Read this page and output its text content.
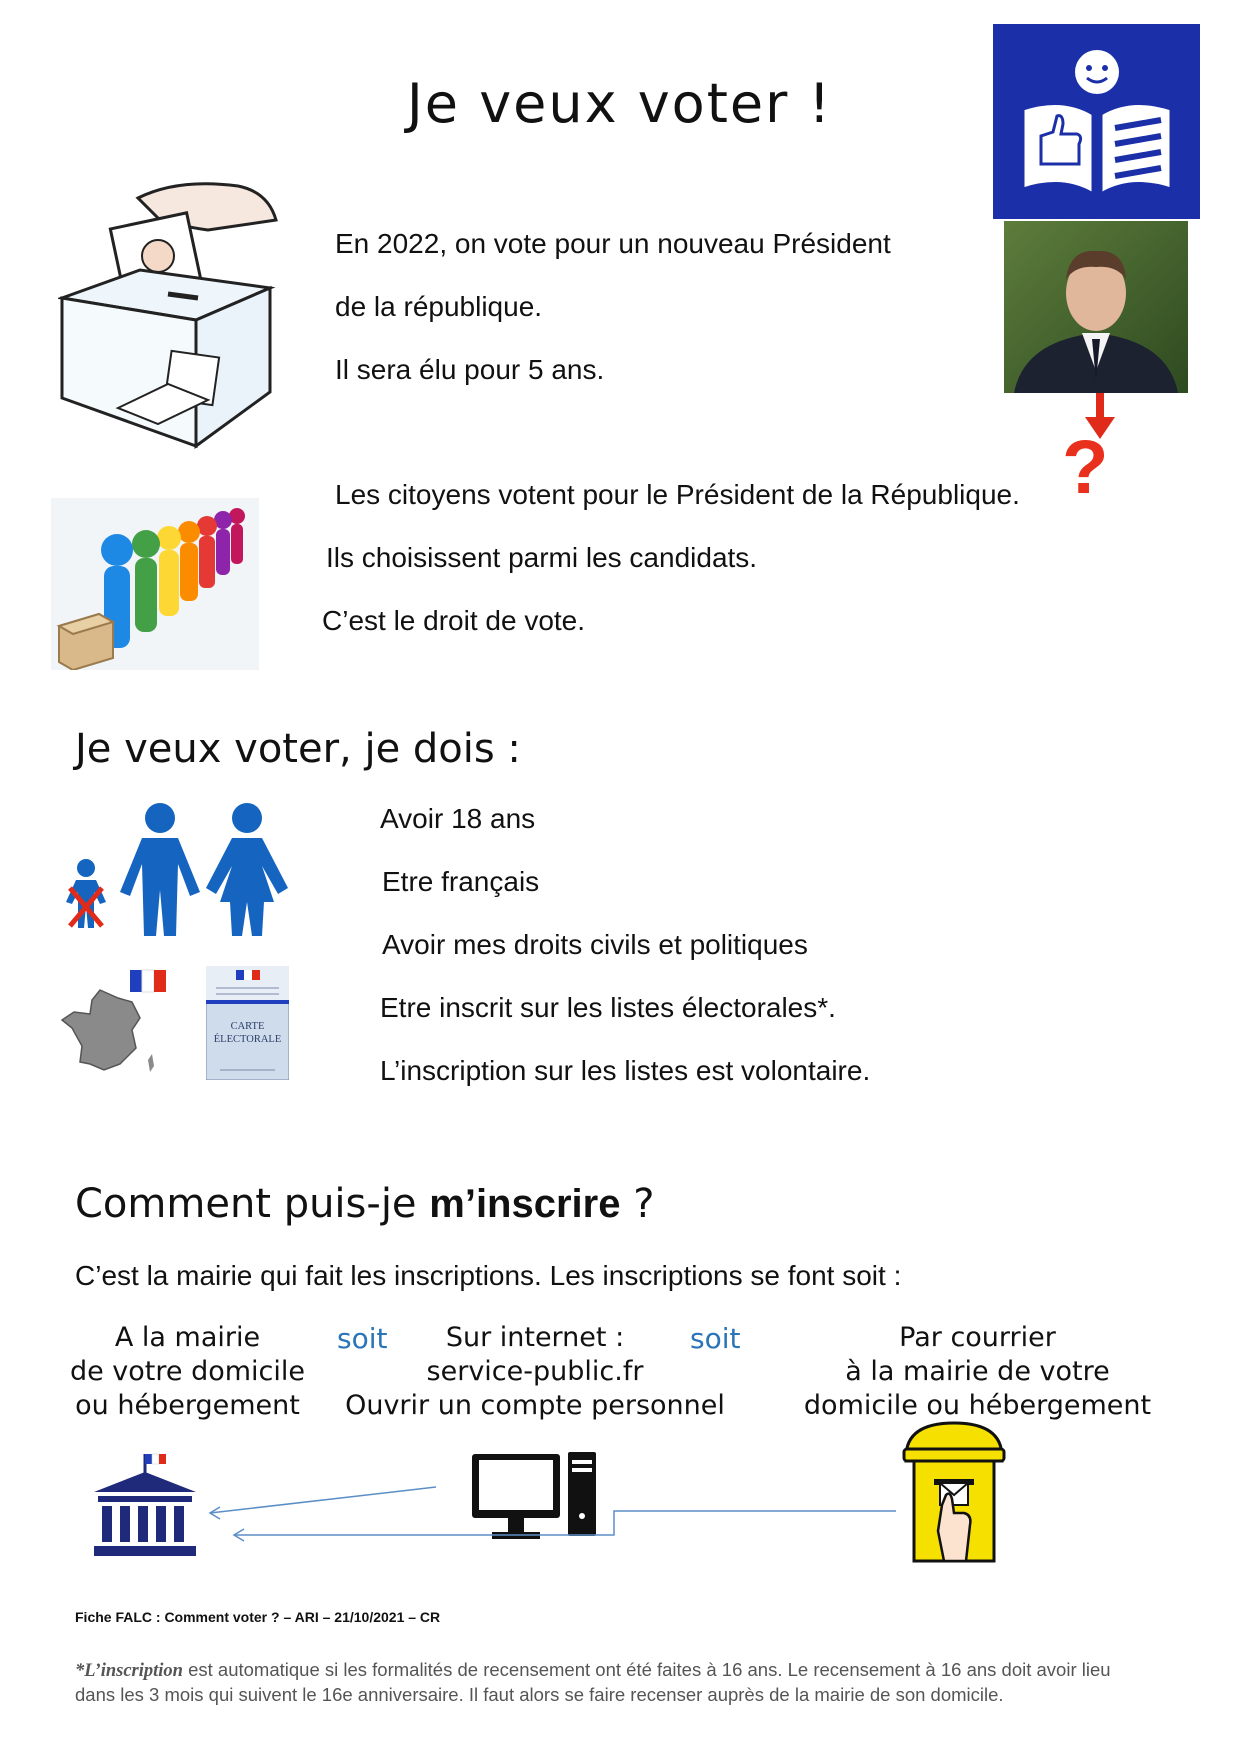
Je veux voter !
?
En 2022, on vote pour un nouveau Président
de la république.
Il sera élu pour 5 ans.
Les citoyens votent pour le Président de la République.
Ils choisissent parmi les candidats.
C’est le droit de vote.
Je veux voter, je dois :
CARTE
ÉLECTORALE
Avoir 18 ans
Etre français
Avoir mes droits civils et politiques
Etre inscrit sur les listes électorales*.
L’inscription sur les listes est volontaire.
Comment puis-je m’inscrire ?
C’est la mairie qui fait les inscriptions. Les inscriptions se font soit :
A la mairie
de votre domicile
ou hébergement
soit	Sur internet :
service-public.fr
Ouvrir un compte personnel
soit	Par courrier
à la mairie de votre
domicile ou hébergement
Fiche FALC : Comment voter ? – ARI – 21/10/2021 – CR
*L’inscription est automatique si les formalités de recensement ont été faites à 16 ans. Le recensement à 16 ans doit avoir lieu
dans les 3 mois qui suivent le 16e anniversaire. Il faut alors se faire recenser auprès de la mairie de son domicile.
